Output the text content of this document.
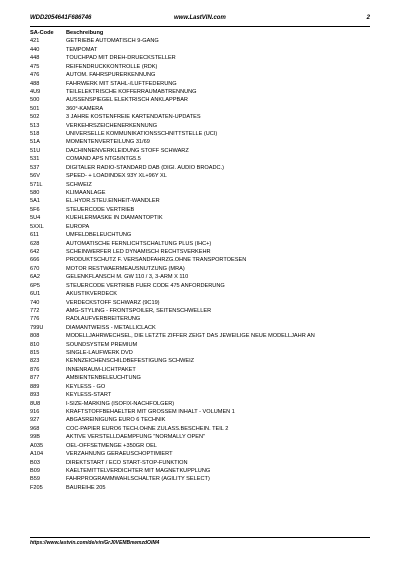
WDD2054641F686746	www.LastVIN.com	2
SA-Code	Beschreibung
421	GETRIEBE AUTOMATISCH 9-GANG
440	TEMPOMAT
448	TOUCHPAD MIT DREH-DRUECKSTELLER
475	REIFENDRUCKKONTROLLE (RDK)
476	AUTOM. FAHRSPURERKENNUNG
488	FAHRWERK MIT STAHL-/LUFTFEDERUNG
4U9	TEILELEKTRISCHE KOFFERRAUMABTRENNUNG
500	AUSSENSPIEGEL ELEKTRISCH ANKLAPPBAR
501	360°-KAMERA
502	3 JAHRE KOSTENFREIE KARTENDATEN-UPDATES
513	VERKEHRSZEICHENERKENNUNG
518	UNIVERSELLE KOMMUNIKATIONSSCHNITTSTELLE (UCI)
51A	MOMENTENVERTEILUNG 31/69
51U	DACHINNENVERKLEIDUNG STOFF SCHWARZ
531	COMAND APS NTG5/NTG5.5
537	DIGITALER RADIO-STANDARD DAB (DIGI. AUDIO BROADC.)
56V	SPEED- + LOADINDEX 93Y XL+96Y XL
571L	SCHWEIZ
580	KLIMAANLAGE
5A1	EL.HYDR.STEU.EINHEIT-WANDLER
5F6	STEUERCODE VERTRIEB
5U4	KUEHLERMASKE IN DIAMANTOPTIK
5XXL	EUROPA
611	UMFELDBELEUCHTUNG
628	AUTOMATISCHE FERNLICHTSCHALTUNG PLUS (IHC+)
642	SCHEINWERFER LED DYNAMISCH RECHTSVERKEHR
666	PRODUKTSCHUTZ F. VERSANDFAHRZG.OHNE TRANSPORTOESEN
670	MOTOR RESTWAERMEAUSNUTZUNG (MRA)
6A2	GELENKFLANSCH M. GW 110 / 3, 3-ARM X 110
6P5	STEUERCODE VERTRIEB FUER CODE 475 ANFORDERUNG
6U1	AKUSTIKVERDECK
740	VERDECKSTOFF SCHWARZ (9C19)
772	AMG-STYLING - FRONTSPOILER, SEITENSCHWELLER
776	RADLAUFVERBREITERUNG
799U	DIAMANTWEISS - METALLICLACK
808	MODELLJAHRWECHSEL, DIE LETZTE ZIFFER ZEIGT DAS JEWEILIGE NEUE MODELLJAHR AN
810	SOUNDSYSTEM PREMIUM
815	SINGLE-LAUFWERK DVD
823	KENNZEICHENSCHILDBEFESTIGUNG SCHWEIZ
876	INNENRAUM-LICHTPAKET
877	AMBIENTENBELEUCHTUNG
889	KEYLESS - GO
893	KEYLESS-START
8U8	I-SIZE-MARKING (ISOFIX-NACHFOLGER)
916	KRAFTSTOFFBEHAELTER MIT GROSSEM INHALT - VOLUMEN 1
927	ABGASREINIGUNG EURO 6 TECHNIK
968	COC-PAPIER EURO6 TECH.OHNE ZULASS.BESCHEIN. TEIL 2
99B	AKTIVE VERSTELLDAEMPFUNG "NORMALLY OPEN"
A035	OEL-OFFSETMENGE +350GR OEL
A104	VERZAHNUNG GERAEUSCHOPTIMIERT
B03	DIREKTSTART / ECO START-STOP-FUNKTION
B09	KAELTEMITTELVERDICHTER MIT MAGNETKUPPLUNG
B59	FAHRPROGRAMMWAHLSCHALTER (AGILITY SELECT)
F205	BAUREIHE 205
https://www.lastvin.com/de/vin/GrJ0VEMBnwmzdOIM4
